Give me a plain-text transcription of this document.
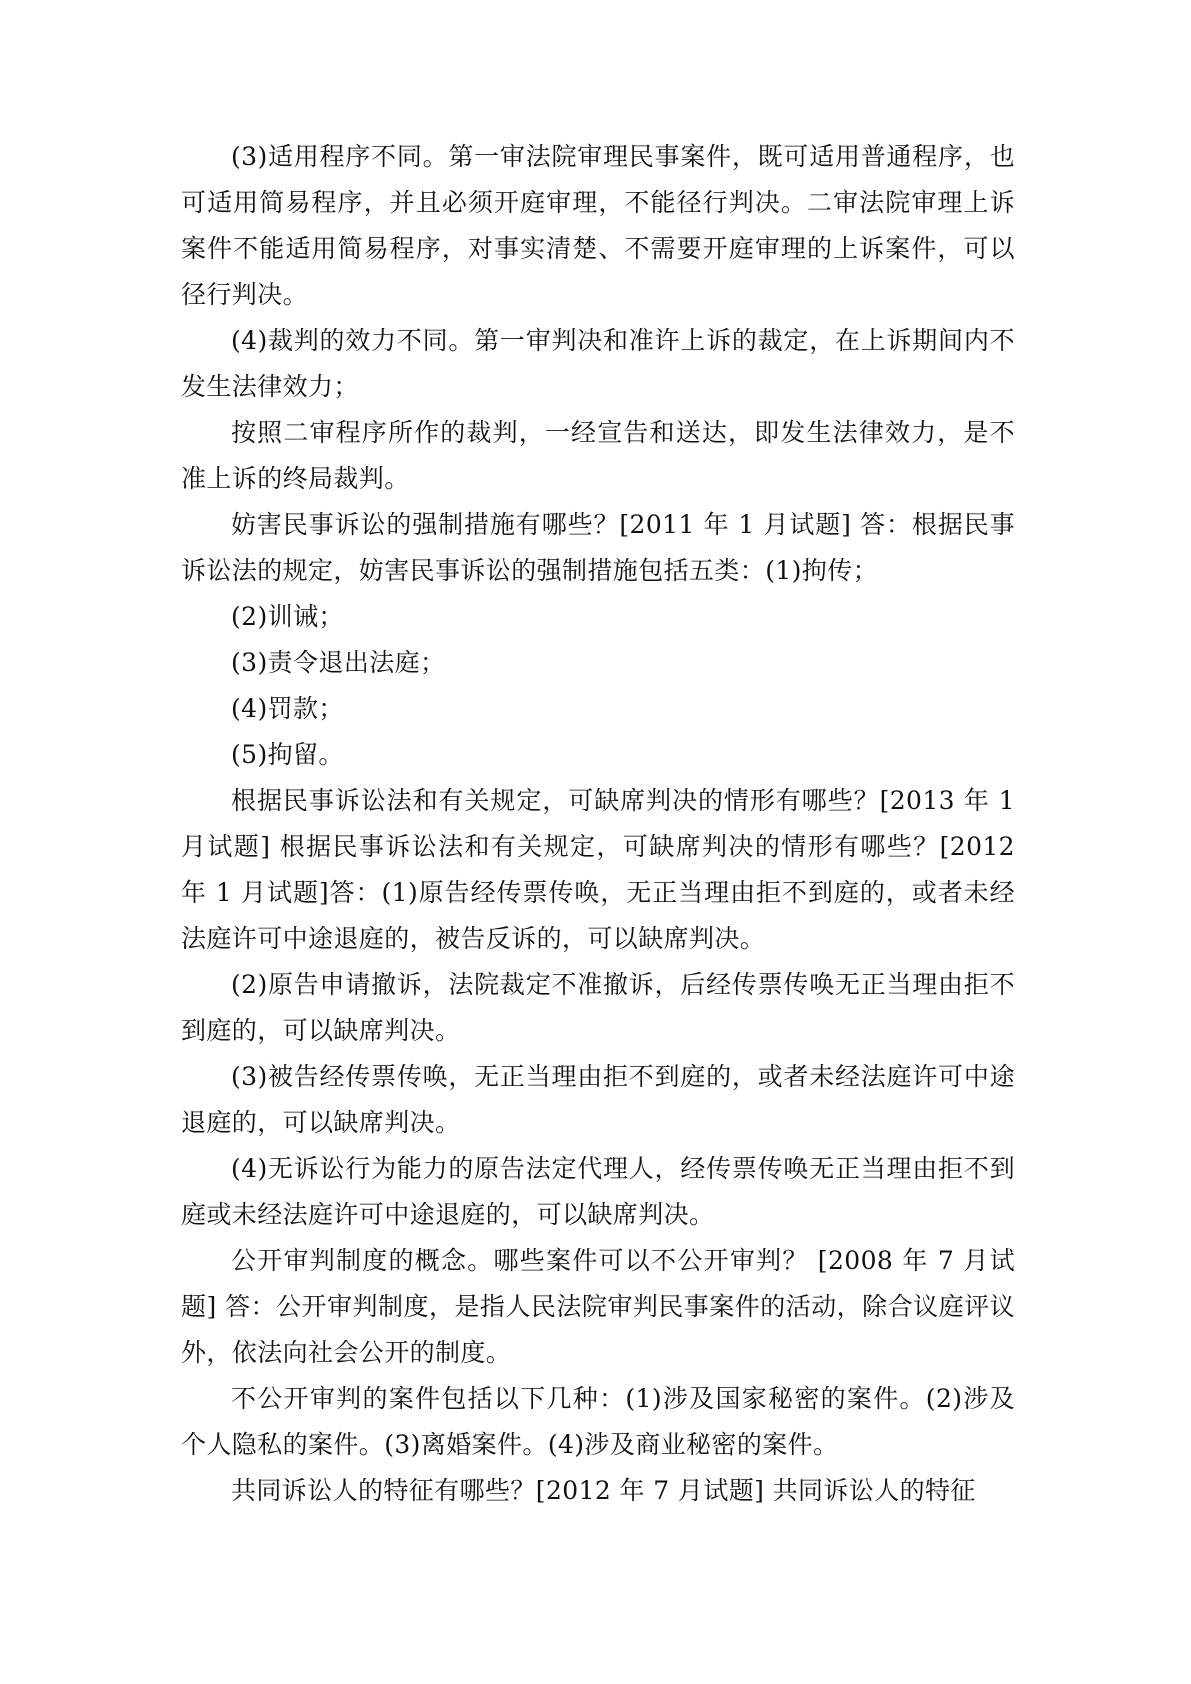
(3)适用程序不同。第一审法院审理民事案件，既可适用普通程序，也可适用简易程序，并且必须开庭审理，不能径行判决。二审法院审理上诉案件不能适用简易程序，对事实清楚、不需要开庭审理的上诉案件，可以径行判决。

(4)裁判的效力不同。第一审判决和准许上诉的裁定，在上诉期间内不发生法律效力；

按照二审程序所作的裁判，一经宣告和送达，即发生法律效力，是不准上诉的终局裁判。

妨害民事诉讼的强制措施有哪些？[2011 年 1 月试题] 答：根据民事诉讼法的规定，妨害民事诉讼的强制措施包括五类：(1)拘传；

(2)训诫；

(3)责令退出法庭；

(4)罚款；

(5)拘留。

根据民事诉讼法和有关规定，可缺席判决的情形有哪些？[2013 年 1 月试题] 根据民事诉讼法和有关规定，可缺席判决的情形有哪些？[2012 年 1 月试题]答：(1)原告经传票传唤，无正当理由拒不到庭的，或者未经法庭许可中途退庭的，被告反诉的，可以缺席判决。

(2)原告申请撤诉，法院裁定不准撤诉，后经传票传唤无正当理由拒不到庭的，可以缺席判决。

(3)被告经传票传唤，无正当理由拒不到庭的，或者未经法庭许可中途退庭的，可以缺席判决。

(4)无诉讼行为能力的原告法定代理人，经传票传唤无正当理由拒不到庭或未经法庭许可中途退庭的，可以缺席判决。

公开审判制度的概念。哪些案件可以不公开审判？ [2008 年 7 月试题] 答：公开审判制度，是指人民法院审判民事案件的活动，除合议庭评议外，依法向社会公开的制度。

不公开审判的案件包括以下几种：(1)涉及国家秘密的案件。(2)涉及个人隐私的案件。(3)离婚案件。(4)涉及商业秘密的案件。

共同诉讼人的特征有哪些？[2012 年 7 月试题] 共同诉讼人的特征
